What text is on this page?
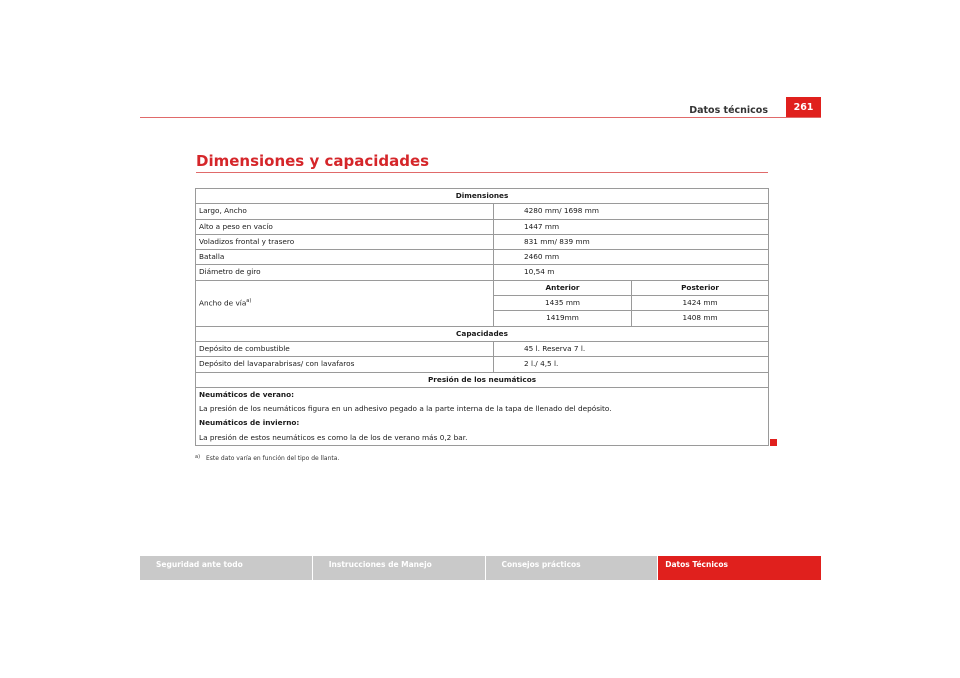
Datos técnicos	261
Dimensiones y capacidades
Dimensiones		
Largo, Ancho	4280 mm/ 1698 mm	
Alto a peso en vacío	1447 mm	
Voladizos frontal y trasero	831 mm/ 839 mm	
Batalla	2460 mm	
Diámetro de giro	10,54 m	
Ancho de vía$^{a)}$	Anterior	Posterior
	1435 mm	1424 mm
	1419mm	1408 mm
Capacidades		
Depósito de combustible	45 l. Reserva 7 l.	
Depósito del lavaparabrisas/ con lavafaros	2 l./ 4,5 l.	
Presión de los neumáticos		
Neumáticos de verano:		
La presión de los neumáticos figura en un adhesivo pegado a la parte interna de la tapa de llenado del depósito.		
Neumáticos de invierno:		
La presión de estos neumáticos es como la de los de verano más 0,2 bar.		
$^{a)}$ Este dato varía en función del tipo de llanta.
Seguridad ante todo	Instrucciones de Manejo	Consejos prácticos	Datos Técnicos
